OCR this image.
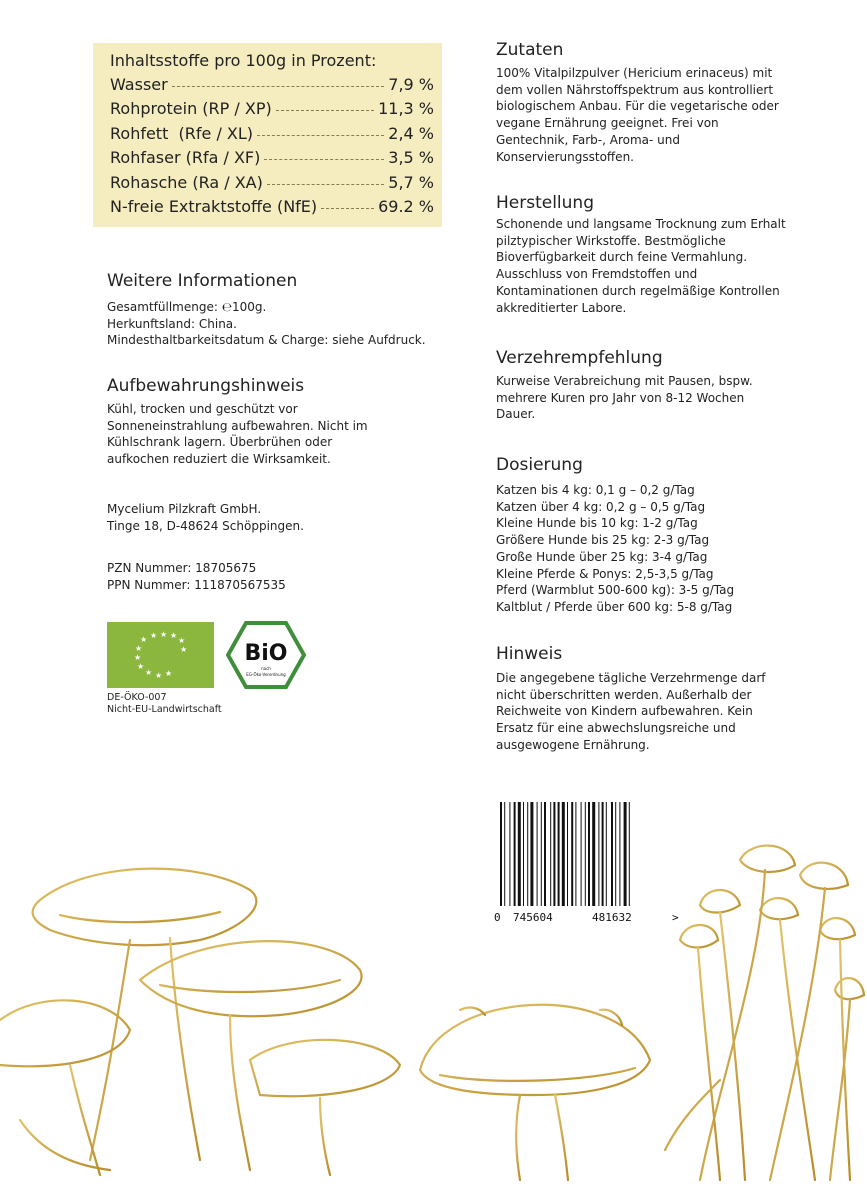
Inhaltsstoffe pro 100g in Prozent:
Wasser	7,9 %
Rohprotein (RP / XP)	11,3 %
Rohfett  (Rfe / XL)	2,4 %
Rohfaser (Rfa / XF)	3,5 %
Rohasche (Ra / XA)	5,7 %
N-freie Extraktstoffe (NfE)	69.2 %
Weitere Informationen
Gesamtfüllmenge: ℮100g.
Herkunftsland: China.
Mindesthaltbarkeitsdatum & Charge: siehe Aufdruck.
Aufbewahrungshinweis
Kühl, trocken und geschützt vor Sonneneinstrahlung aufbewahren. Nicht im Kühlschrank lagern. Überbrühen oder aufkochen reduziert die Wirksamkeit.
Mycelium Pilzkraft GmbH.
Tinge 18, D-48624 Schöppingen.
PZN Nummer: 18705675
PPN Nummer: 111870567535
★ ★ ★ ★
★
★
★
★
★
★ ★ ★
BiO
nach
EG-Öko-Verordnung
DE-ÖKO-007
Nicht-EU-Landwirtschaft
Zutaten
100% Vitalpilzpulver (Hericium erinaceus) mit dem vollen Nährstoffspektrum aus kontrolliert biologischem Anbau. Für die vegetarische oder vegane Ernährung geeignet. Frei von Gentechnik, Farb-, Aroma- und Konservierungsstoffen.
Herstellung
Schonende und langsame Trocknung zum Erhalt pilztypischer Wirkstoffe. Bestmögliche Bioverfügbarkeit durch feine Vermahlung. Ausschluss von Fremdstoffen und Kontaminationen durch regelmäßige Kontrollen akkreditierter Labore.
Verzehrempfehlung
Kurweise Verabreichung mit Pausen, bspw. mehrere Kuren pro Jahr von 8-12 Wochen Dauer.
Dosierung
Katzen bis 4 kg: 0,1 g – 0,2 g/Tag
Katzen über 4 kg: 0,2 g – 0,5 g/Tag
Kleine Hunde bis 10 kg: 1-2 g/Tag
Größere Hunde bis 25 kg: 2-3 g/Tag
Große Hunde über 25 kg: 3-4 g/Tag
Kleine Pferde & Ponys: 2,5-3,5 g/Tag
Pferd (Warmblut 500-600 kg): 3-5 g/Tag
Kaltblut / Pferde über 600 kg: 5-8 g/Tag
Hinweis
Die angegebene tägliche Verzehrmenge darf nicht überschritten werden. Außerhalb der Reichweite von Kindern aufbewahren. Kein Ersatz für eine abwechslungsreiche und ausgewogene Ernährung.
0 745604	481632	>
